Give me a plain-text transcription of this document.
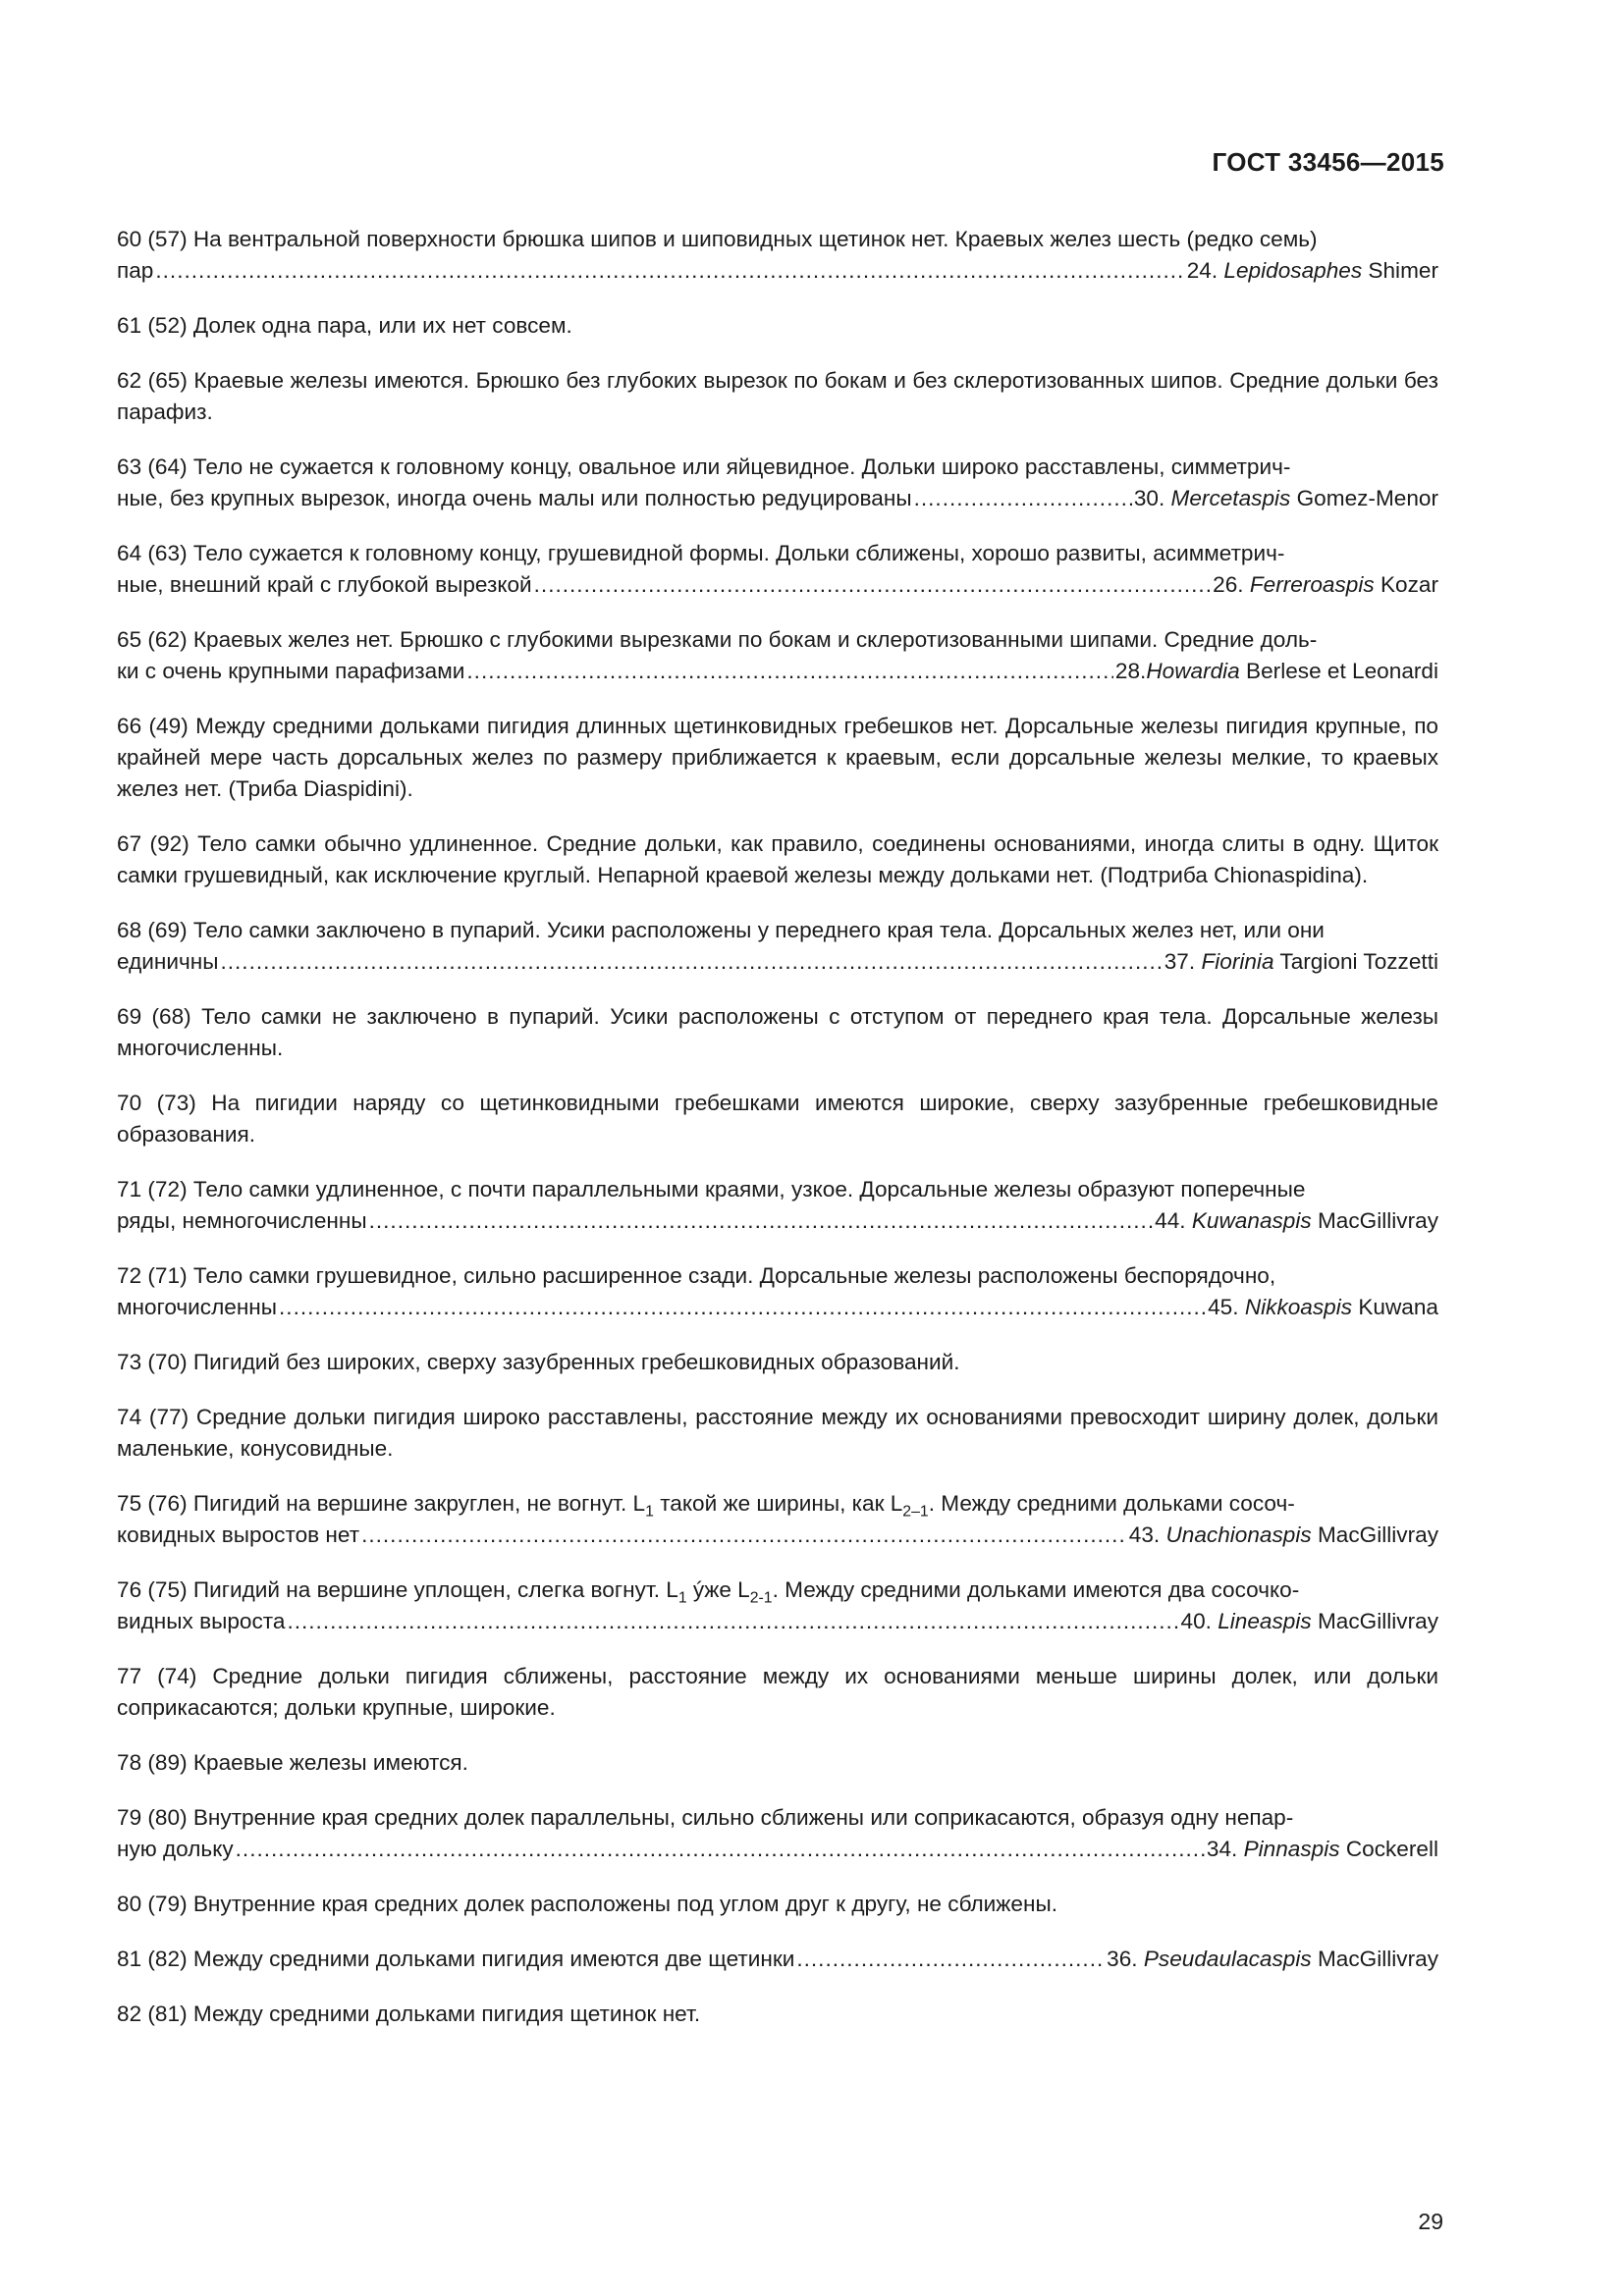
ГОСТ 33456—2015
60 (57) На вентральной поверхности брюшка шипов и шиповидных щетинок нет. Краевых желез шесть (редко семь)
пар .....	24. Lepidosaphes Shimer
61 (52) Долек одна пара, или их нет совсем.
62 (65) Краевые железы имеются. Брюшко без глубоких вырезок по бокам и без склеротизованных шипов. Средние дольки без парафиз.
63 (64) Тело не сужается к головному концу, овальное или яйцевидное. Дольки широко расставлены, симметрич-
ные, без крупных вырезок, иногда очень малы или полностью редуцированы .....	30. Mercetaspis Gomez-Menor
64 (63) Тело сужается к головному концу, грушевидной формы. Дольки сближены, хорошо развиты, асимметрич-
ные, внешний край с глубокой вырезкой .....	26. Ferreroaspis Kozar
65 (62) Краевых желез нет. Брюшко с глубокими вырезками по бокам и склеротизованными шипами. Средние доль-
ки с очень крупными парафизами .....	28.Howardia Berlese et Leonardi
66 (49) Между средними дольками пигидия длинных щетинковидных гребешков нет. Дорсальные железы пигидия крупные, по крайней мере часть дорсальных желез по размеру приближается к краевым, если дорсальные железы мелкие, то краевых желез нет. (Триба Diaspidini).
67 (92) Тело самки обычно удлиненное. Средние дольки, как правило, соединены основаниями, иногда слиты в одну. Щиток самки грушевидный, как исключение круглый. Непарной краевой железы между дольками нет. (Подтриба Chionaspidina).
68 (69) Тело самки заключено в пупарий. Усики расположены у переднего края тела. Дорсальных желез нет, или они
единичны .....	37. Fiorinia Targioni Tozzetti
69 (68) Тело самки не заключено в пупарий. Усики расположены с отступом от переднего края тела. Дорсальные железы многочисленны.
70 (73) На пигидии наряду со щетинковидными гребешками имеются широкие, сверху зазубренные гребешковидные образования.
71 (72) Тело самки удлиненное, с почти параллельными краями, узкое. Дорсальные железы образуют поперечные
ряды, немногочисленны .....	44. Kuwanaspis MacGillivray
72 (71) Тело самки грушевидное, сильно расширенное сзади. Дорсальные железы расположены беспорядочно,
многочисленны .....	45. Nikkoaspis Kuwana
73 (70) Пигидий без широких, сверху зазубренных гребешковидных образований.
74 (77) Средние дольки пигидия широко расставлены, расстояние между их основаниями превосходит ширину долек, дольки маленькие, конусовидные.
75 (76) Пигидий на вершине закруглен, не вогнут. $L_1$ такой же ширины, как $L_{2-1}$. Между средними дольками сосоч-
ковидных выростов нет .....	43. Unachionaspis MacGillivray
76 (75) Пигидий на вершине уплощен, слегка вогнут. $L_1$ ýже $L_{2-1}$. Между средними дольками имеются два сосочко-
видных выроста .....	40. Lineaspis MacGillivray
77 (74) Средние дольки пигидия сближены, расстояние между их основаниями меньше ширины долек, или дольки соприкасаются; дольки крупные, широкие.
78 (89) Краевые железы имеются.
79 (80) Внутренние края средних долек параллельны, сильно сближены или соприкасаются, образуя одну непар-
ную дольку .....	34. Pinnaspis Cockerell
80 (79) Внутренние края средних долек расположены под углом друг к другу, не сближены.
81 (82) Между средними дольками пигидия имеются две щетинки .....	36. Pseudaulacaspis MacGillivray
82 (81) Между средними дольками пигидия щетинок нет.
29
